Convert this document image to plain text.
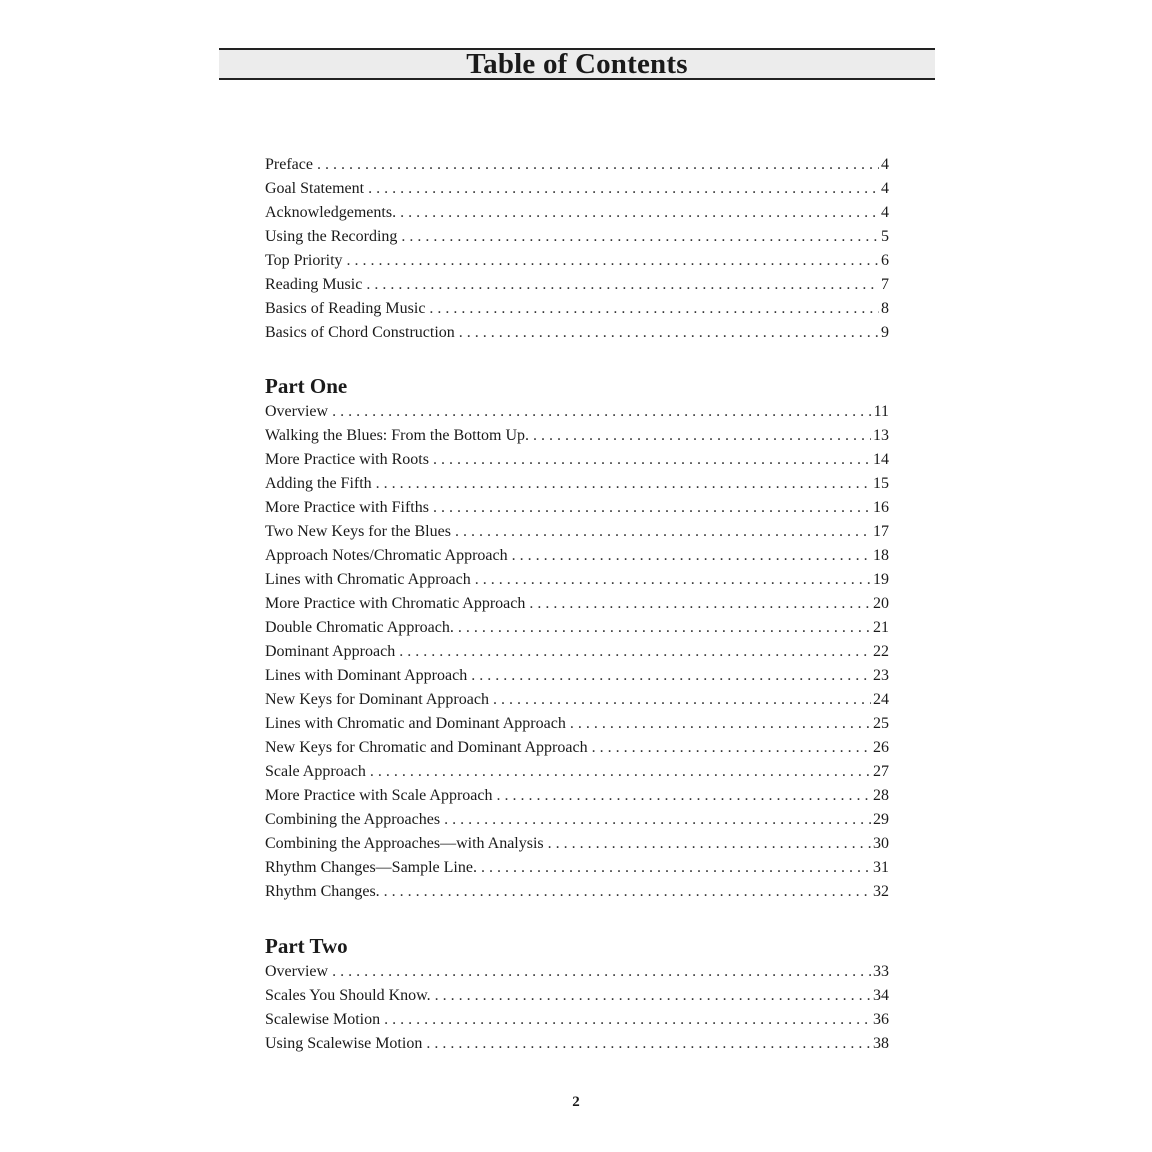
Table of Contents
Preface . . .	4
Goal Statement . . .	4
Acknowledgements. . . .	4
Using the Recording . . .	5
Top Priority . . .	6
Reading Music . . .	7
Basics of Reading Music . . .	8
Basics of Chord Construction . . .	9
Part One
Overview . . .	11
Walking the Blues: From the Bottom Up. . . .	13
More Practice with Roots . . .	14
Adding the Fifth . . .	15
More Practice with Fifths . . .	16
Two New Keys for the Blues . . .	17
Approach Notes/Chromatic Approach . . .	18
Lines with Chromatic Approach . . .	19
More Practice with Chromatic Approach . . .	20
Double Chromatic Approach. . . .	21
Dominant Approach . . .	22
Lines with Dominant Approach . . .	23
New Keys for Dominant Approach . . .	24
Lines with Chromatic and Dominant Approach . . .	25
New Keys for Chromatic and Dominant Approach . . .	26
Scale Approach . . .	27
More Practice with Scale Approach . . .	28
Combining the Approaches . . .	29
Combining the Approaches—with Analysis . . .	30
Rhythm Changes—Sample Line. . . .	31
Rhythm Changes. . . .	32
Part Two
Overview . . .	33
Scales You Should Know. . . .	34
Scalewise Motion . . .	36
Using Scalewise Motion . . .	38
2
